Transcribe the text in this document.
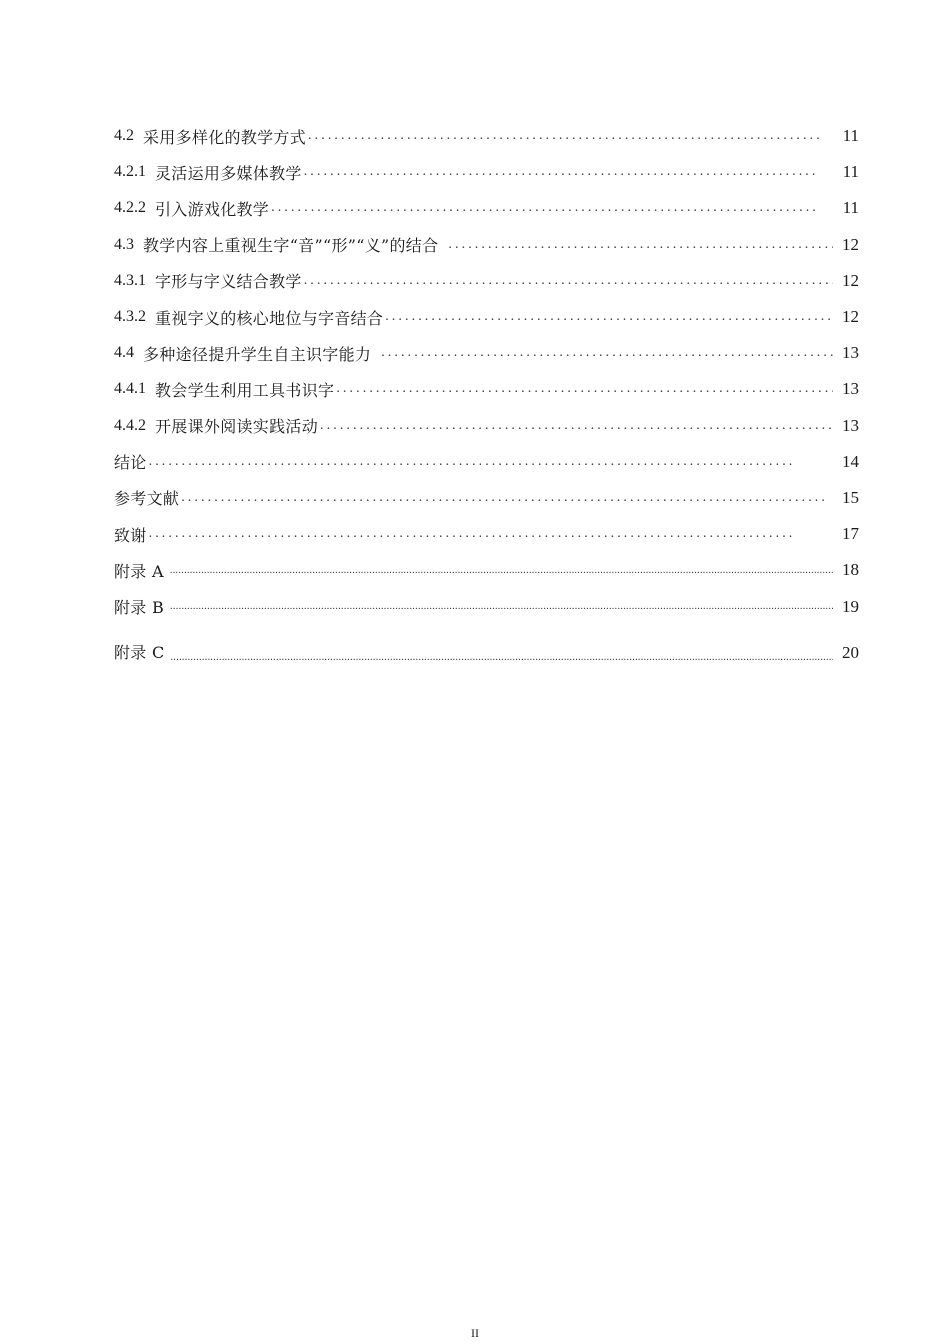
4.2 采用多样化的教学方式 . . .	11
4.2.1 灵活运用多媒体教学 . . .	11
4.2.2 引入游戏化教学 . . .	11
4.3 教学内容上重视生字“音”“形”“义”的结合 . . .	12
4.3.1 字形与字义结合教学 . . .	12
4.3.2 重视字义的核心地位与字音结合 . . .	12
4.4 多种途径提升学生自主识字能力 . . .	13
4.4.1 教会学生利用工具书识字 . . .	13
4.4.2 开展课外阅读实践活动 . . .	13
结论 . . .	14
参考文献 . . .	15
致谢 . . .	17
附录 A .....	18
附录 B .....	19
附录 C .....	20
II
